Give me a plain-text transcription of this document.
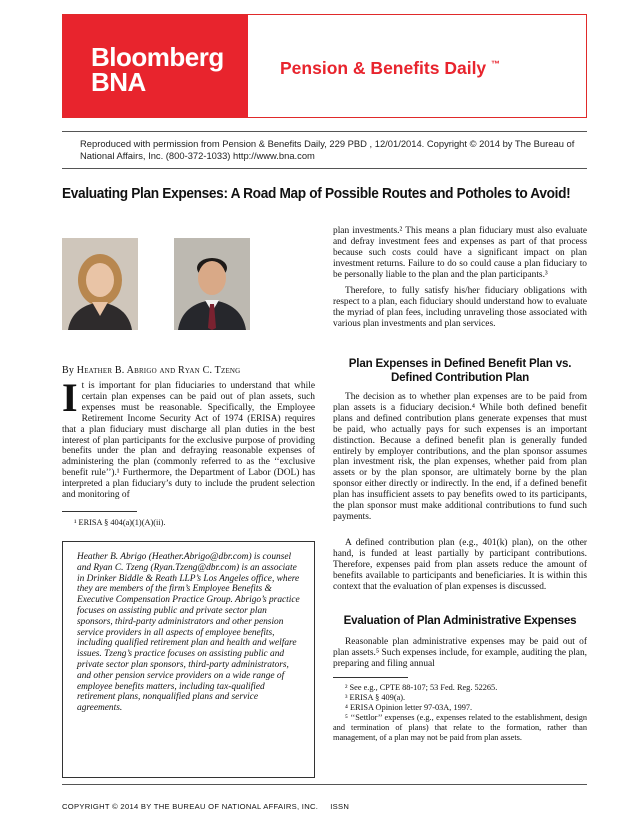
Bloomberg
BNA	Pension & Benefits Daily ™
Reproduced with permission from Pension & Benefits Daily, 229 PBD , 12/01/2014. Copyright © 2014 by The Bureau of National Affairs, Inc. (800-372-1033) http://www.bna.com
Evaluating Plan Expenses: A Road Map of Possible Routes and Potholes to Avoid!
By Heather B. Abrigo and Ryan C. Tzeng

It is important for plan fiduciaries to understand that while certain plan expenses can be paid out of plan assets, such expenses must be reasonable. Specifically, the Employee Retirement Income Security Act of 1974 (ERISA) requires that a plan fiduciary must discharge all plan duties in the best interest of plan participants for the exclusive purpose of providing benefits under the plan and defraying reasonable expenses of administering the plan (commonly referred to as the ‘‘exclusive benefit rule’’).¹ Furthermore, the Department of Labor (DOL) has interpreted a plan fiduciary’s duty to include the prudent selection and monitoring of

¹ ERISA § 404(a)(1)(A)(ii).
Heather B. Abrigo (Heather.Abrigo@dbr.com) is counsel and Ryan C. Tzeng (Ryan.Tzeng@dbr.com) is an associate in Drinker Biddle & Reath LLP’s Los Angeles office, where they are members of the firm’s Employee Benefits & Executive Compensation Practice Group. Abrigo’s practice focuses on assisting public and private sector plan sponsors, third-party administrators and other pension service providers in all aspects of employee benefits, including qualified retirement plan and health and welfare issues. Tzeng’s practice focuses on assisting public and private sector plan sponsors, third-party administrators, and other pension service providers on a wide range of employee benefits matters, including tax-qualified retirement plans, nonqualified plans and service agreements.

plan investments.² This means a plan fiduciary must also evaluate and defray investment fees and expenses as part of that process because such costs could have a significant impact on plan investment returns. Failure to do so could cause a plan fiduciary to be personally liable to the plan and the plan participants.³

Therefore, to fully satisfy his/her fiduciary obligations with respect to a plan, each fiduciary should understand how to evaluate the myriad of plan fees, including unraveling those associated with various plan investments and plan services.

Plan Expenses in Defined Benefit Plan vs. Defined Contribution Plan

The decision as to whether plan expenses are to be paid from plan assets is a fiduciary decision.⁴ While both defined benefit plans and defined contribution plans generate expenses that must be paid, who actually pays for such expenses is an important distinction. Because a defined benefit plan is generally funded entirely by employer contributions, and the plan sponsor assumes plan investment risk, the plan expenses, whether paid from plan assets or by the plan sponsor, are ultimately borne by the plan sponsor either directly or indirectly. In the end, if a defined benefit plan has insufficient assets to pay benefits owed to its participants, the plan sponsor must make additional contributions to fund such payments.

A defined contribution plan (e.g., 401(k) plan), on the other hand, is funded at least partially by participant contributions. Therefore, expenses paid from plan assets reduce the amount of benefits available to participants and beneficiaries. It is within this context that the evaluation of plan expenses is discussed.

Evaluation of Plan Administrative Expenses

Reasonable plan administrative expenses may be paid out of plan assets.⁵ Such expenses include, for example, auditing the plan, preparing and filing annual

² See e.g., CPTE 88-107; 53 Fed. Reg. 52265.
³ ERISA § 409(a).
⁴ ERISA Opinion letter 97-03A, 1997.
⁵ ‘‘Settlor’’ expenses (e.g., expenses related to the establishment, design and termination of plans) that relate to the formation, rather than management, of a plan may not be paid from plan assets.
COPYRIGHT © 2014 BY THE BUREAU OF NATIONAL AFFAIRS, INC.     ISSN
